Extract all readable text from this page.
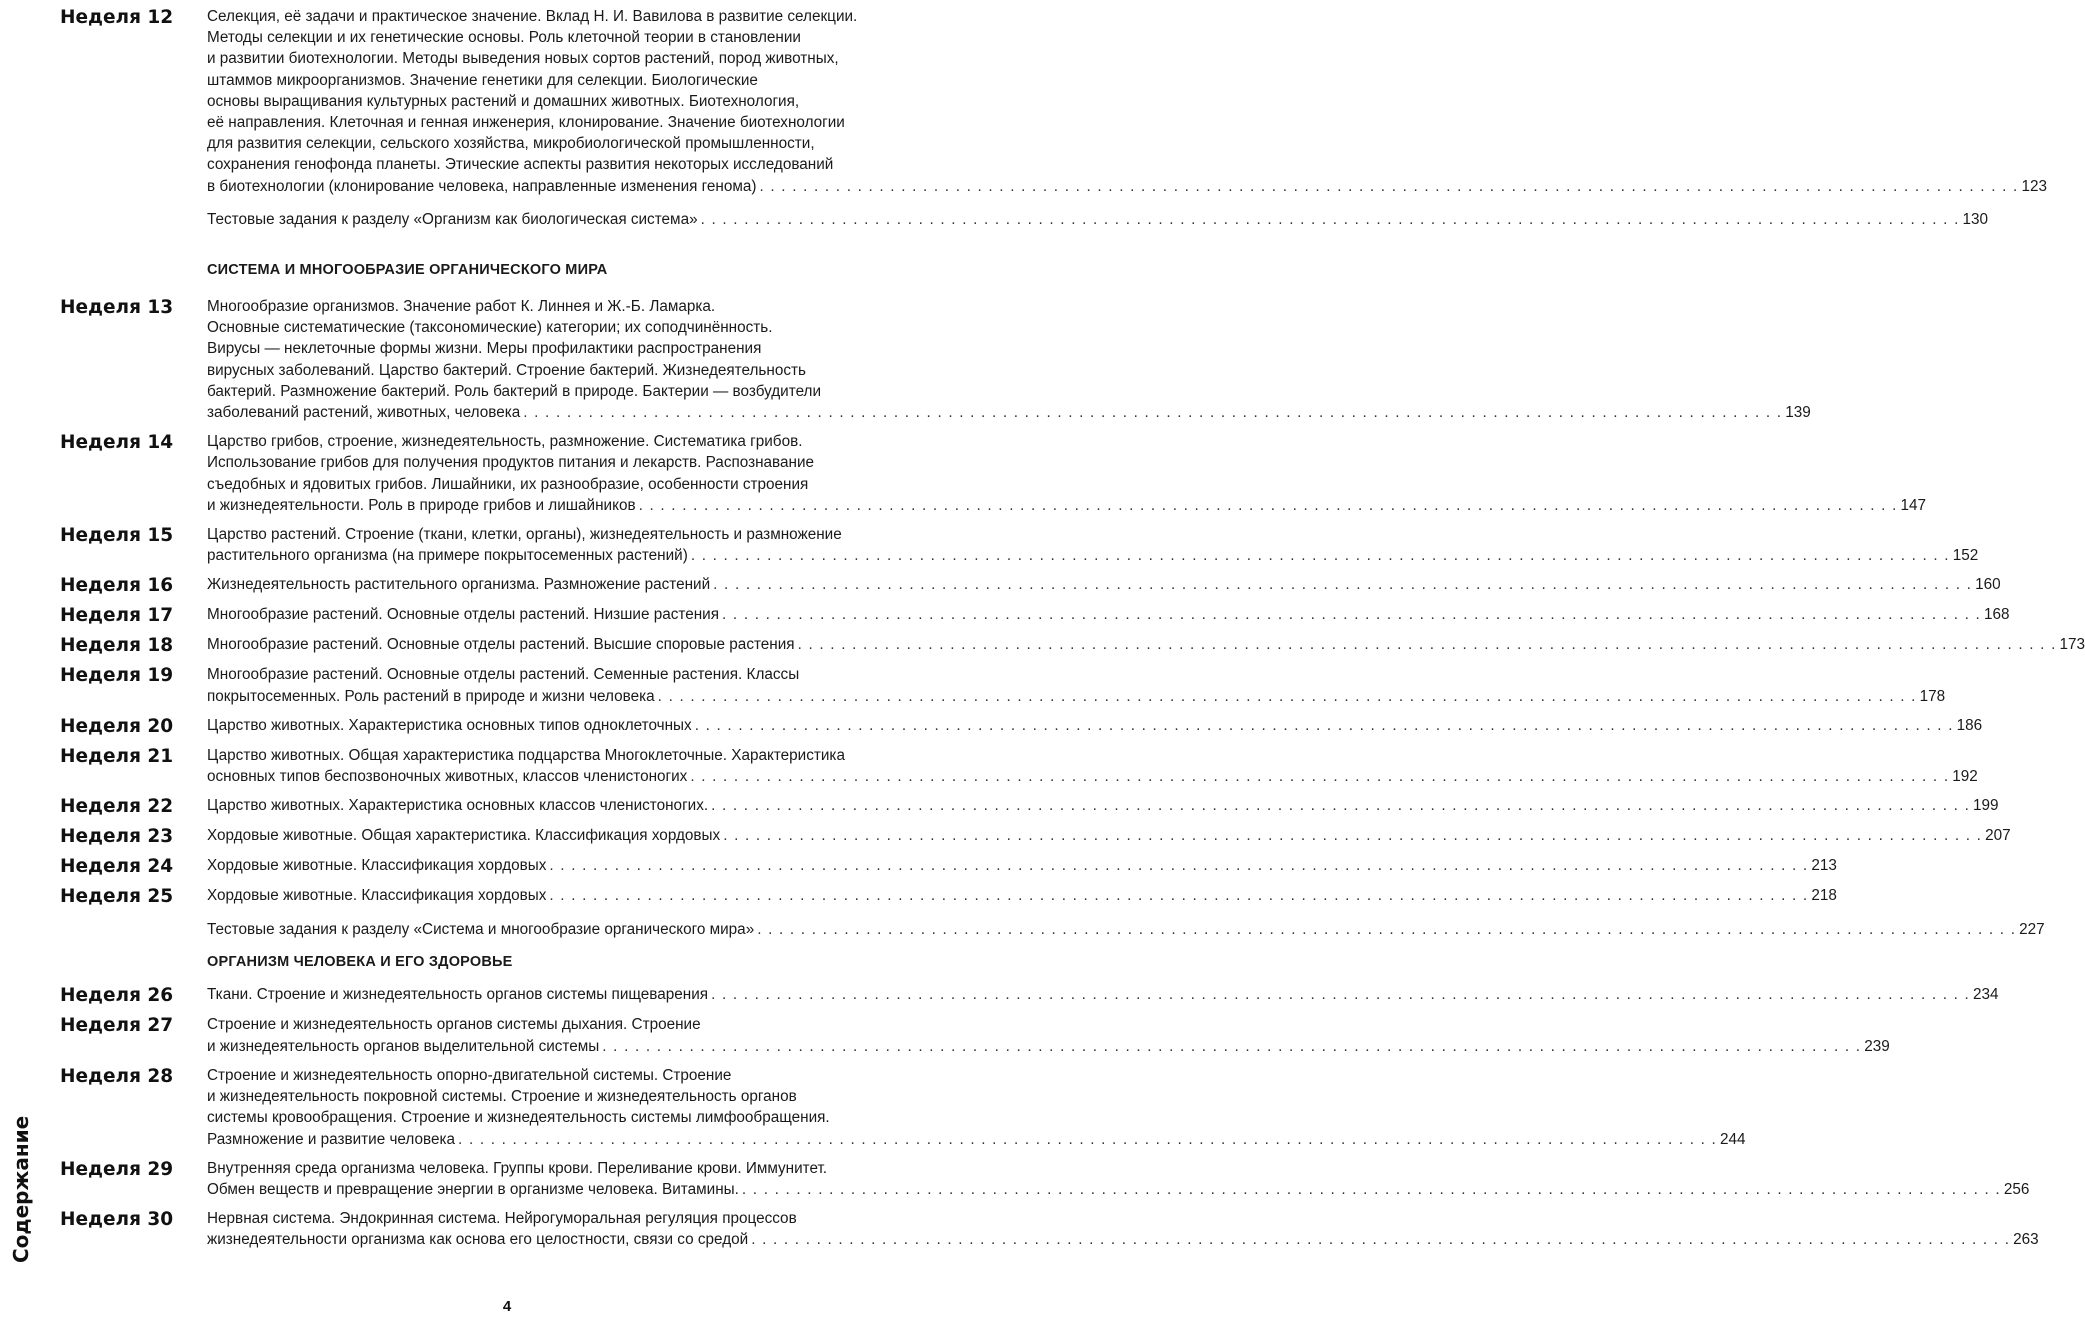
Неделя 12	Селекция, её задачи и практическое значение. Вклад Н. И. Вавилова в развитие селекции.
Методы селекции и их генетические основы. Роль клеточной теории в становлении
и развитии биотехнологии. Методы выведения новых сортов растений, пород животных,
штаммов микроорганизмов. Значение генетики для селекции. Биологические
основы выращивания культурных растений и домашних животных. Биотехнология,
её направления. Клеточная и генная инженерия, клонирование. Значение биотехнологии
для развития селекции, сельского хозяйства, микробиологической промышленности,
сохранения генофонда планеты. Этические аспекты развития некоторых исследований
в биотехнологии (клонирование человека, направленные изменения генома) . . . . . . . . . . . . . . . . . . . . . . . . . . . . . . . . . . . . . . . . . . . . . . . . . . . . . . . . . . . . . . . . . . . . . . . . . . . . . . . . . . . . . . . . . . . . . . . . . . . . . . . . . . . . . . . . . . . . 123
Тестовые задания к разделу «Организм как биологическая система» . . . . . . . . . . . . . . . . . . . . . . . . . . . . . . . . . . . . . . . . . . . . . . . . . . . . . . . . . . . . . . . . . . . . . . . . . . . . . . . . . . . . . . . . . . . . . . . . . . . . . . . . . . . . . . . . . . . . 130
СИСТЕМА И МНОГООБРАЗИЕ ОРГАНИЧЕСКОГО МИРА
Неделя 13	Многообразие организмов. Значение работ К. Линнея и Ж.-Б. Ламарка.
Основные систематические (таксономические) категории; их соподчинённость.
Вирусы — неклеточные формы жизни. Меры профилактики распространения
вирусных заболеваний. Царство бактерий. Строение бактерий. Жизнедеятельность
бактерий. Размножение бактерий. Роль бактерий в природе. Бактерии — возбудители
заболеваний растений, животных, человека . . . . . . . . . . . . . . . . . . . . . . . . . . . . . . . . . . . . . . . . . . . . . . . . . . . . . . . . . . . . . . . . . . . . . . . . . . . . . . . . . . . . . . . . . . . . . . . . . . . . . . . . . . . . . . . . . . . . 139
Неделя 14	Царство грибов, строение, жизнедеятельность, размножение. Систематика грибов.
Использование грибов для получения продуктов питания и лекарств. Распознавание
съедобных и ядовитых грибов. Лишайники, их разнообразие, особенности строения
и жизнедеятельности. Роль в природе грибов и лишайников . . . . . . . . . . . . . . . . . . . . . . . . . . . . . . . . . . . . . . . . . . . . . . . . . . . . . . . . . . . . . . . . . . . . . . . . . . . . . . . . . . . . . . . . . . . . . . . . . . . . . . . . . . . . . . . . . . . . 147
Неделя 15	Царство растений. Строение (ткани, клетки, органы), жизнедеятельность и размножение
растительного организма (на примере покрытосеменных растений) . . . . . . . . . . . . . . . . . . . . . . . . . . . . . . . . . . . . . . . . . . . . . . . . . . . . . . . . . . . . . . . . . . . . . . . . . . . . . . . . . . . . . . . . . . . . . . . . . . . . . . . . . . . . . . . . . . . . 152
Неделя 16	Жизнедеятельность растительного организма. Размножение растений . . . . . . . . . . . . . . . . . . . . . . . . . . . . . . . . . . . . . . . . . . . . . . . . . . . . . . . . . . . . . . . . . . . . . . . . . . . . . . . . . . . . . . . . . . . . . . . . . . . . . . . . . . . . . . . . . . . . 160
Неделя 17	Многообразие растений. Основные отделы растений. Низшие растения . . . . . . . . . . . . . . . . . . . . . . . . . . . . . . . . . . . . . . . . . . . . . . . . . . . . . . . . . . . . . . . . . . . . . . . . . . . . . . . . . . . . . . . . . . . . . . . . . . . . . . . . . . . . . . . . . . . . 168
Неделя 18	Многообразие растений. Основные отделы растений. Высшие споровые растения . . . . . . . . . . . . . . . . . . . . . . . . . . . . . . . . . . . . . . . . . . . . . . . . . . . . . . . . . . . . . . . . . . . . . . . . . . . . . . . . . . . . . . . . . . . . . . . . . . . . . . . . . . . . . . . . . . . . 173
Неделя 19	Многообразие растений. Основные отделы растений. Семенные растения. Классы
покрытосеменных. Роль растений в природе и жизни человека . . . . . . . . . . . . . . . . . . . . . . . . . . . . . . . . . . . . . . . . . . . . . . . . . . . . . . . . . . . . . . . . . . . . . . . . . . . . . . . . . . . . . . . . . . . . . . . . . . . . . . . . . . . . . . . . . . . . 178
Неделя 20	Царство животных. Характеристика основных типов одноклеточных . . . . . . . . . . . . . . . . . . . . . . . . . . . . . . . . . . . . . . . . . . . . . . . . . . . . . . . . . . . . . . . . . . . . . . . . . . . . . . . . . . . . . . . . . . . . . . . . . . . . . . . . . . . . . . . . . . . . 186
Неделя 21	Царство животных. Общая характеристика подцарства Многоклеточные. Характеристика
основных типов беспозвоночных животных, классов членистоногих . . . . . . . . . . . . . . . . . . . . . . . . . . . . . . . . . . . . . . . . . . . . . . . . . . . . . . . . . . . . . . . . . . . . . . . . . . . . . . . . . . . . . . . . . . . . . . . . . . . . . . . . . . . . . . . . . . . . 192
Неделя 22	Царство животных. Характеристика основных классов членистоногих. . . . . . . . . . . . . . . . . . . . . . . . . . . . . . . . . . . . . . . . . . . . . . . . . . . . . . . . . . . . . . . . . . . . . . . . . . . . . . . . . . . . . . . . . . . . . . . . . . . . . . . . . . . . . . . . . . . . . 199
Неделя 23	Хордовые животные. Общая характеристика. Классификация хордовых . . . . . . . . . . . . . . . . . . . . . . . . . . . . . . . . . . . . . . . . . . . . . . . . . . . . . . . . . . . . . . . . . . . . . . . . . . . . . . . . . . . . . . . . . . . . . . . . . . . . . . . . . . . . . . . . . . . . 207
Неделя 24	Хордовые животные. Классификация хордовых . . . . . . . . . . . . . . . . . . . . . . . . . . . . . . . . . . . . . . . . . . . . . . . . . . . . . . . . . . . . . . . . . . . . . . . . . . . . . . . . . . . . . . . . . . . . . . . . . . . . . . . . . . . . . . . . . . . . 213
Неделя 25	Хордовые животные. Классификация хордовых . . . . . . . . . . . . . . . . . . . . . . . . . . . . . . . . . . . . . . . . . . . . . . . . . . . . . . . . . . . . . . . . . . . . . . . . . . . . . . . . . . . . . . . . . . . . . . . . . . . . . . . . . . . . . . . . . . . . 218
Тестовые задания к разделу «Система и многообразие органического мира» . . . . . . . . . . . . . . . . . . . . . . . . . . . . . . . . . . . . . . . . . . . . . . . . . . . . . . . . . . . . . . . . . . . . . . . . . . . . . . . . . . . . . . . . . . . . . . . . . . . . . . . . . . . . . . . . . . . . 227
ОРГАНИЗМ ЧЕЛОВЕКА И ЕГО ЗДОРОВЬЕ
Неделя 26	Ткани. Строение и жизнедеятельность органов системы пищеварения . . . . . . . . . . . . . . . . . . . . . . . . . . . . . . . . . . . . . . . . . . . . . . . . . . . . . . . . . . . . . . . . . . . . . . . . . . . . . . . . . . . . . . . . . . . . . . . . . . . . . . . . . . . . . . . . . . . . 234
Неделя 27	Строение и жизнедеятельность органов системы дыхания. Строение
и жизнедеятельность органов выделительной системы . . . . . . . . . . . . . . . . . . . . . . . . . . . . . . . . . . . . . . . . . . . . . . . . . . . . . . . . . . . . . . . . . . . . . . . . . . . . . . . . . . . . . . . . . . . . . . . . . . . . . . . . . . . . . . . . . . . . 239
Неделя 28	Строение и жизнедеятельность опорно-двигательной системы. Строение
и жизнедеятельность покровной системы. Строение и жизнедеятельность органов
системы кровообращения. Строение и жизнедеятельность системы лимфообращения.
Размножение и развитие человека . . . . . . . . . . . . . . . . . . . . . . . . . . . . . . . . . . . . . . . . . . . . . . . . . . . . . . . . . . . . . . . . . . . . . . . . . . . . . . . . . . . . . . . . . . . . . . . . . . . . . . . . . . . . . . . . . . . . 244
Неделя 29	Внутренняя среда организма человека. Группы крови. Переливание крови. Иммунитет.
Обмен веществ и превращение энергии в организме человека. Витамины. . . . . . . . . . . . . . . . . . . . . . . . . . . . . . . . . . . . . . . . . . . . . . . . . . . . . . . . . . . . . . . . . . . . . . . . . . . . . . . . . . . . . . . . . . . . . . . . . . . . . . . . . . . . . . . . . . . . . 256
Неделя 30	Нервная система. Эндокринная система. Нейрогуморальная регуляция процессов
жизнедеятельности организма как основа его целостности, связи со средой . . . . . . . . . . . . . . . . . . . . . . . . . . . . . . . . . . . . . . . . . . . . . . . . . . . . . . . . . . . . . . . . . . . . . . . . . . . . . . . . . . . . . . . . . . . . . . . . . . . . . . . . . . . . . . . . . . . . 263
Содержание
4
